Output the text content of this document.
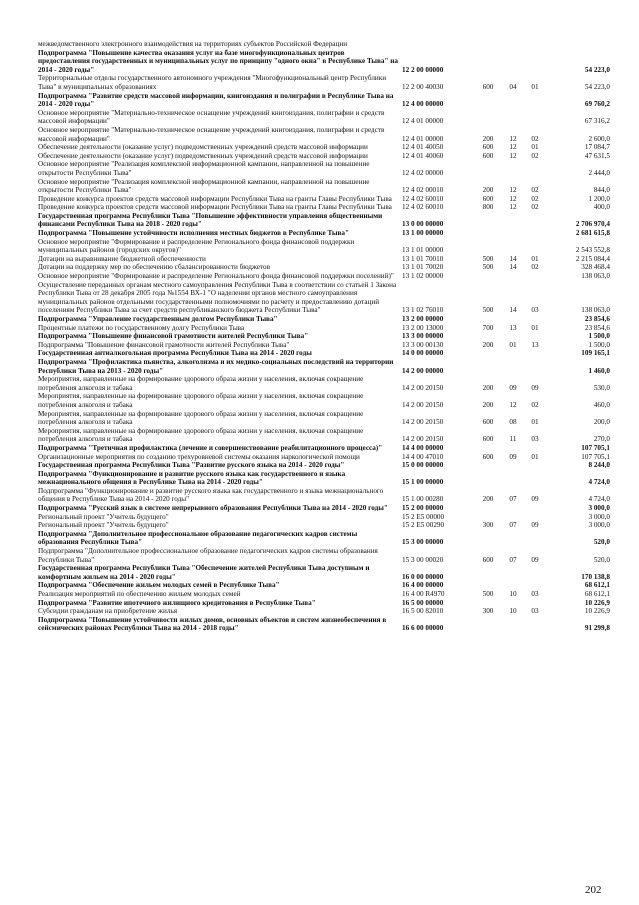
межведомственного электронного взаимодействия на территориях субъектов Российской Федерации					
Подпрограмма "Повышение качества оказания услуг на базе многофункциональных центров предоставления государственных и муниципальных услуг по принципу "одного окна" в Республике Тыва" на 2014 - 2020 годы"	12 2 00 00000				54 223,0
Территориальные отделы государственного автономного учреждения "Многофункциональный центр Республики Тыва" в муниципальных образованиях	12 2 00 40030	600	04	01	54 223,0
Подпрограмма "Развитие средств массовой информации, книгоиздания и полиграфии в Республике Тыва на 2014 - 2020 годы"	12 4 00 00000				69 760,2
Основное мероприятие "Материально-техническое оснащение учреждений книгоиздания, полиграфии и средств массовой информации"	12 4 01 00000				67 316,2
Основное мероприятие "Материально-техническое оснащение учреждений книгоиздания, полиграфии и средств массовой информации"	12 4 01 00000	200	12	02	2 600,0
Обеспечение деятельности (оказание услуг) подведомственных учреждений средств массовой информации	12 4 01 40050	600	12	01	17 084,7
Обеспечение деятельности (оказание услуг) подведомственных учреждений средств массовой информации	12 4 01 40060	600	12	02	47 631,5
Основное мероприятие "Реализация комплексной информационной кампании, направленной на повышение открытости Республики Тыва"	12 4 02 00000				2 444,0
Основное мероприятие "Реализация комплексной информационной кампании, направленной на повышение открытости Республики Тыва"	12 4 02 00010	200	12	02	844,0
Проведение конкурса проектов средств массовой информации Республики Тыва на гранты Главы Республики Тыва	12 4 02 60010	600	12	02	1 200,0
Проведение конкурса проектов средств массовой информации Республики Тыва на гранты Главы Республики Тыва	12 4 02 60010	800	12	02	400,0
Государственная программа Республики Тыва "Повышение эффективности управления общественными финансами Республики Тыва на 2018 - 2020 годы"	13 0 00 00000				2 706 970,4
Подпрограмма "Повышение устойчивости исполнения местных бюджетов в Республике Тыва"	13 1 00 00000				2 681 615,8
Основное мероприятие "Формирование и распределение Регионального фонда финансовой поддержки муниципальных районов (городских округов)"	13 1 01 00000				2 543 552,8
Дотации на выравнивание бюджетной обеспеченности	13 1 01 70010	500	14	01	2 215 084,4
Дотации на поддержку мер по обеспечению сбалансированности бюджетов	13 1 01 70020	500	14	02	328 468,4
Основное мероприятие "Формирование и распределение Регионального фонда финансовой поддержки поселений)"	13 1 02 00000				138 063,0
Осуществление переданных органам местного самоуправления Республики Тыва в соответствии со статьей 1 Закона Республики Тыва от 28 декабря 2005 года №1554 ВХ-1 "О наделении органов местного самоуправления муниципальных районов отдельными государственными полномочиями по расчету и предоставлению дотаций поселениям Республики Тыва за счет средств республиканского бюджета Республики Тыва"	13 1 02 76010	500	14	03	138 063,0
Подпрограмма "Управление государственным долгом Республики Тыва"	13 2 00 00000				23 854,6
Процентные платежи по государственному долгу Республики Тыва	13 2 00 13000	700	13	01	23 854,6
Подпрограмма "Повышение финансовой грамотности жителей Республики Тыва"	13 3 00 00000				1 500,0
Подпрограмма "Повышение финансовой грамотности жителей Республики Тыва"	13 3 00 00130	200	01	13	1 500,0
Государственная антиалкогольная программа Республики Тыва на 2014 - 2020 годы	14 0 00 00000				109 165,1
Подпрограмма "Профилактика пьянства, алкоголизма и их медико-социальных последствий на территории Республики Тыва на 2013 - 2020 годы"	14 2 00 00000				1 460,0
Мероприятия, направленные на формирование здорового образа жизни у населения, включая сокращение потребления алкоголя и табака	14 2 00 20150	200	09	09	530,0
Мероприятия, направленные на формирование здорового образа жизни у населения, включая сокращение потребления алкоголя и табака	14 2 00 20150	200	12	02	460,0
Мероприятия, направленные на формирование здорового образа жизни у населения, включая сокращение потребления алкоголя и табака	14 2 00 20150	600	08	01	200,0
Мероприятия, направленные на формирование здорового образа жизни у населения, включая сокращение потребления алкоголя и табака	14 2 00 20150	600	11	03	270,0
Подпрограмма "Третичная профилактика (лечение и совершенствование реабилитационного процесса)"	14 4 00 00000				107 705,1
Организационные мероприятия по созданию трехуровневой системы оказания наркологической помощи	14 4 00 47010	600	09	01	107 705,1
Государственная программа Республики Тыва "Развитие русского языка на 2014 - 2020 годы"	15 0 00 00000				8 244,0
Подпрограмма "Функционирование и развитие русского языка как государственного и языка межнационального общения в Республике Тыва на 2014 - 2020 годы"	15 1 00 00000				4 724,0
Подпрограмма "Функционирование и развитие русского языка как государственного и языка межнационального общения в Республике Тыва на 2014 - 2020 годы"	15 1 00 00280	200	07	09	4 724,0
Подпрограмма "Русский язык в системе непрерывного образования Республики Тыва на 2014 - 2020 годы"	15 2 00 00000				3 000,0
Региональный проект "Учитель будущего"	15 2 E5 00000				3 000,0
Региональный проект "Учитель будущего"	15 2 E5 00290	300	07	09	3 000,0
Подпрограмма "Дополнительное профессиональное образование педагогических кадров системы образования Республики Тыва"	15 3 00 00000				520,0
Подпрограмма "Дополнительное профессиональное образование педагогических кадров системы образования Республики Тыва"	15 3 00 00020	600	07	09	520,0
Государственная программа Республики Тыва "Обеспечение жителей Республики Тыва доступным и комфортным жильем на 2014 - 2020 годы"	16 0 00 00000				170 138,8
Подпрограмма "Обеспечение жильем молодых семей в Республике Тыва"	16 4 00 00000				68 612,1
Реализация мероприятий по обеспечению жильем молодых семей	16 4 00 R4970	500	10	03	68 612,1
Подпрограмма "Развитие ипотечного жилищного кредитования в Республике Тыва"	16 5 00 00000				10 226,9
Субсидии гражданам на приобретение жилья	16 5 00 82010	300	10	03	10 226,9
Подпрограмма "Повышение устойчивости жилых домов, основных объектов и систем жизнеобеспечения в сейсмических районах Республики Тыва на 2014 - 2018 годы"	16 6 00 00000				91 299,8
202
